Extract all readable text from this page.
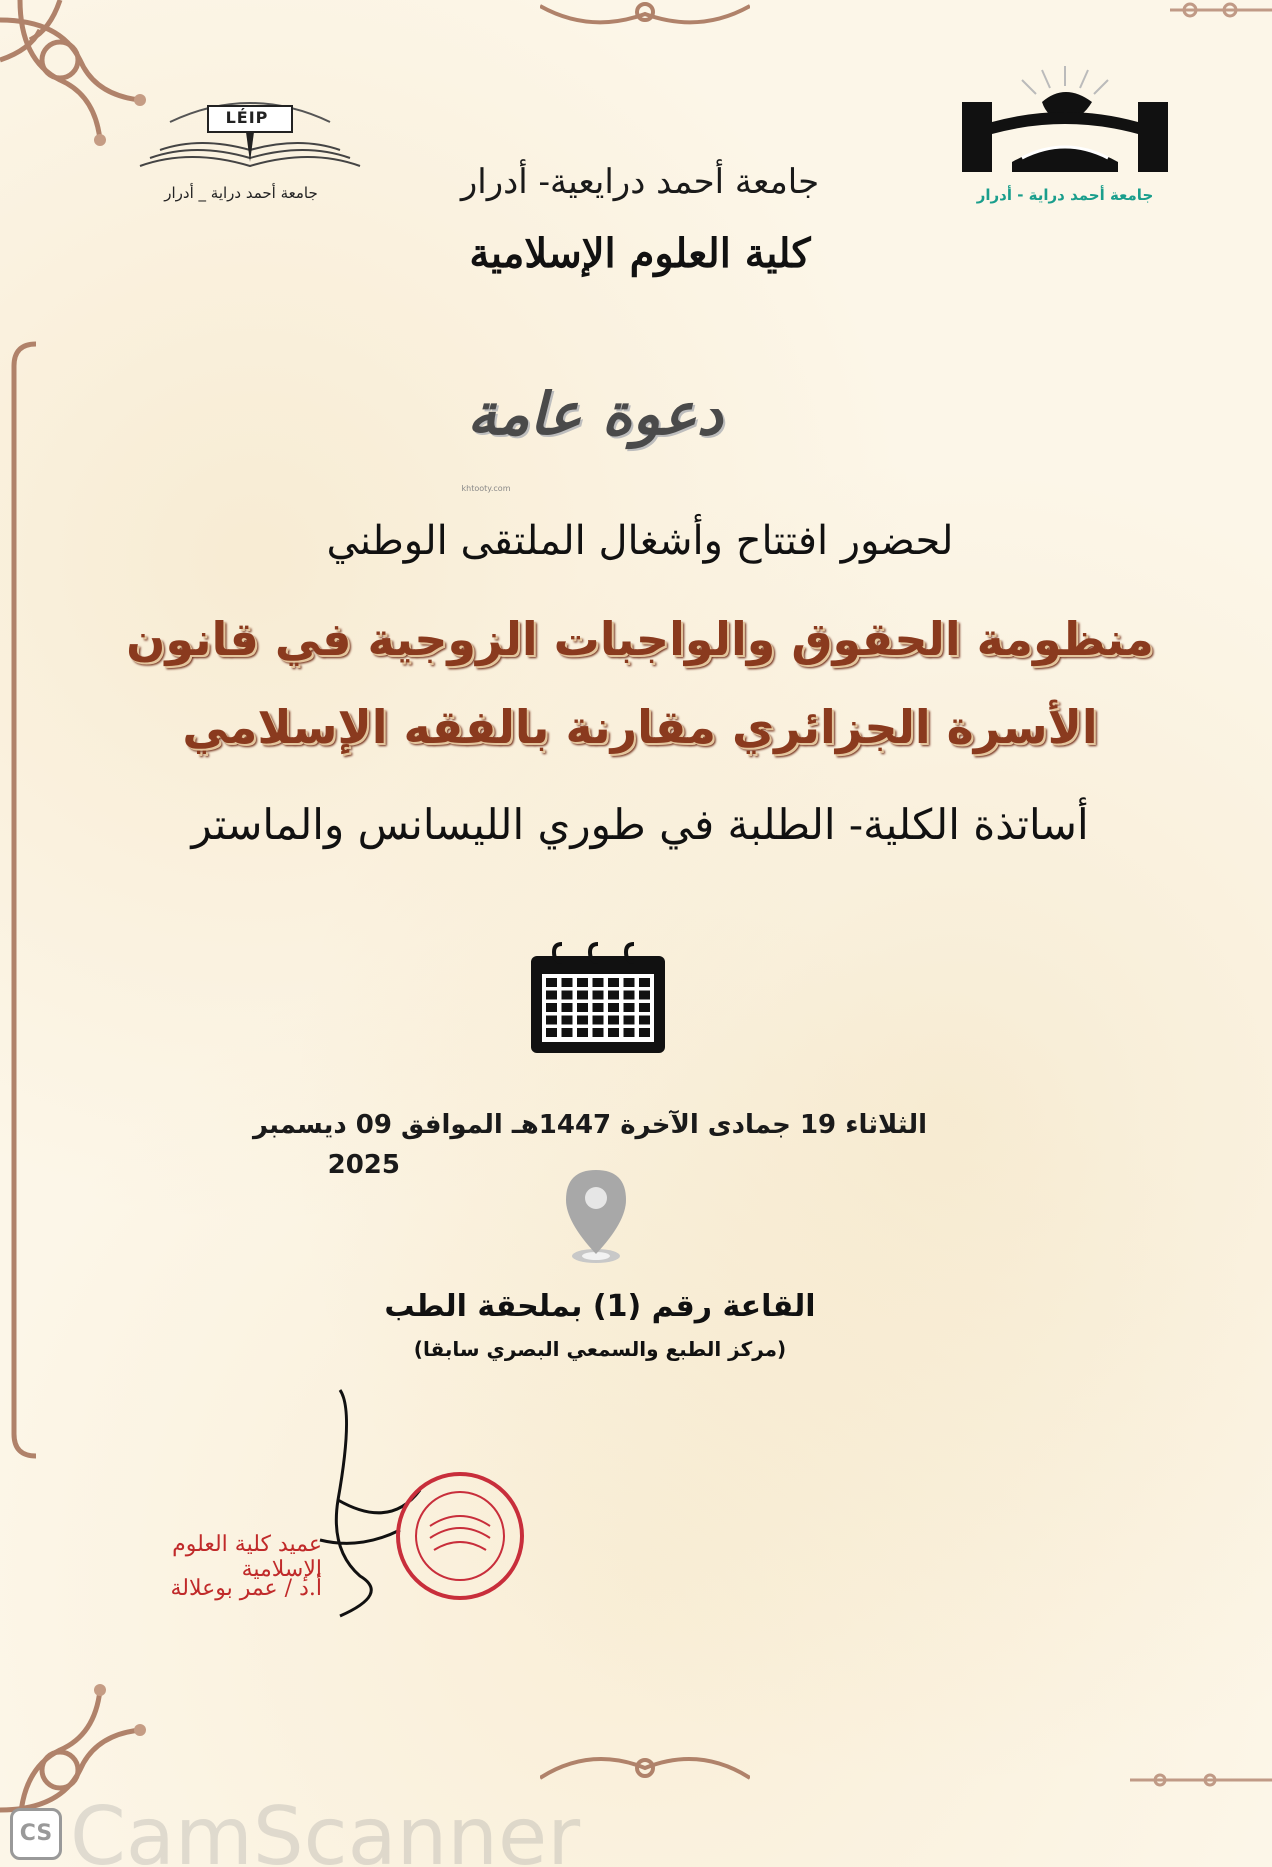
LÉIP
جامعة أحمد دراية _ أدرار	جامعة أحمد دراية - أدرار
جامعة أحمد درايعية- أدرار
كلية العلوم الإسلامية
دعوة عامة
khtooty.com
لحضور افتتاح وأشغال الملتقى الوطني
منظومة الحقوق والواجبات الزوجية في قانون
الأسرة الجزائري مقارنة بالفقه الإسلامي
أساتذة الكلية- الطلبة في طوري الليسانس والماستر
الثلاثاء 19 جمادى الآخرة 1447هـ الموافق 09 ديسمبر
2025
القاعة رقم (1) بملحقة الطب
(مركز الطبع والسمعي البصري سابقا)
عميد كلية العلوم الإسلامية
أ.د / عمر بوعلالة
CamScanner
CS
